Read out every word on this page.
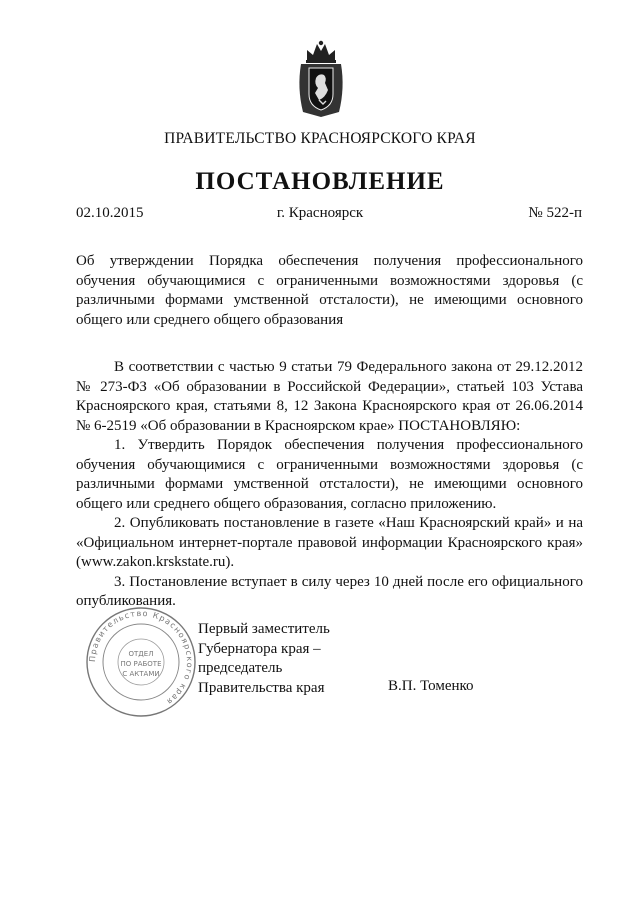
ПРАВИТЕЛЬСТВО КРАСНОЯРСКОГО КРАЯ
ПОСТАНОВЛЕНИЕ
02.10.2015	г. Красноярск	№ 522-п
Об утверждении Порядка обеспечения получения профессионального обучения обучающимися с ограниченными возможностями здоровья (с различными формами умственной отсталости), не имеющими основного общего или среднего общего образования

В соответствии с частью 9 статьи 79 Федерального закона от 29.12.2012 № 273-ФЗ «Об образовании в Российской Федерации», статьей 103 Устава Красноярского края, статьями 8, 12 Закона Красноярского края от 26.06.2014 № 6-2519 «Об образовании в Красноярском крае» ПОСТАНОВЛЯЮ:

1. Утвердить Порядок обеспечения получения профессионального обучения обучающимися с ограниченными возможностями здоровья (с различными формами умственной отсталости), не имеющими основного общего или среднего общего образования, согласно приложению.

2. Опубликовать постановление в газете «Наш Красноярский край» и на «Официальном интернет-портале правовой информации Красноярского края» (www.zakon.krskstate.ru).

3. Постановление вступает в силу через 10 дней после его официального опубликования.

Правительство Красноярского края
ОТДЕЛ
ПО РАБОТЕ
С АКТАМИ
Первый заместитель
Губернатора края –
председатель
Правительства края	В.П. Томенко
